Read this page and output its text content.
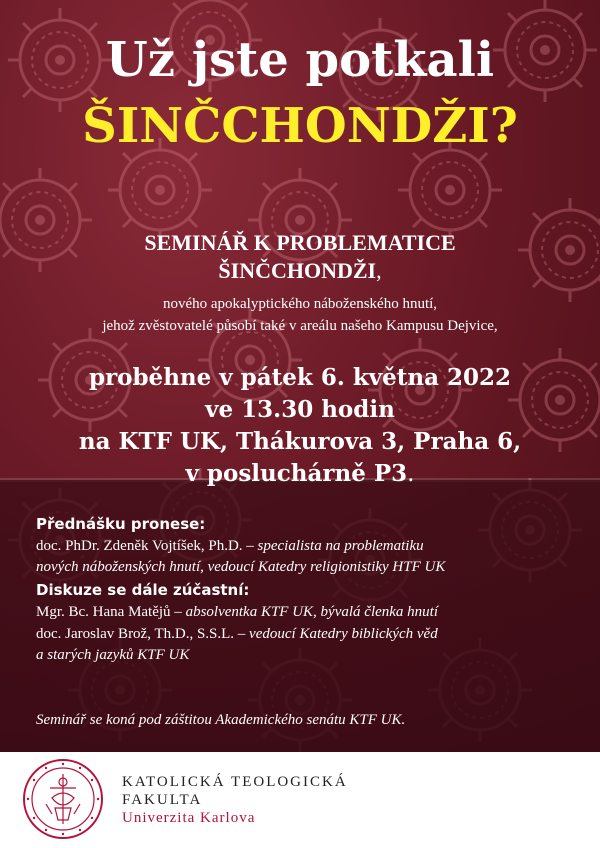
Už jste potkali
ŠINČCHONDŽI?
SEMINÁŘ K PROBLEMATICE
ŠINČCHONDŽI,
nového apokalyptického náboženského hnutí,
jehož zvěstovatelé působí také v areálu našeho Kampusu Dejvice,
proběhne v pátek 6. května 2022
ve 13.30 hodin
na KTF UK, Thákurova 3, Praha 6,
v posluchárně P3.
Přednášku pronese:
doc. PhDr. Zdeněk Vojtíšek, Ph.D. – specialista na problematiku
nových náboženských hnutí, vedoucí Katedry religionistiky HTF UK
Diskuze se dále zúčastní:
Mgr. Bc. Hana Matějů – absolventka KTF UK, bývalá členka hnutí
doc. Jaroslav Brož, Th.D., S.S.L. – vedoucí Katedry biblických věd
a starých jazyků KTF UK
Seminář se koná pod záštitou Akademického senátu KTF UK.
KATOLICKÁ TEOLOGICKÁ
FAKULTA
Univerzita Karlova
